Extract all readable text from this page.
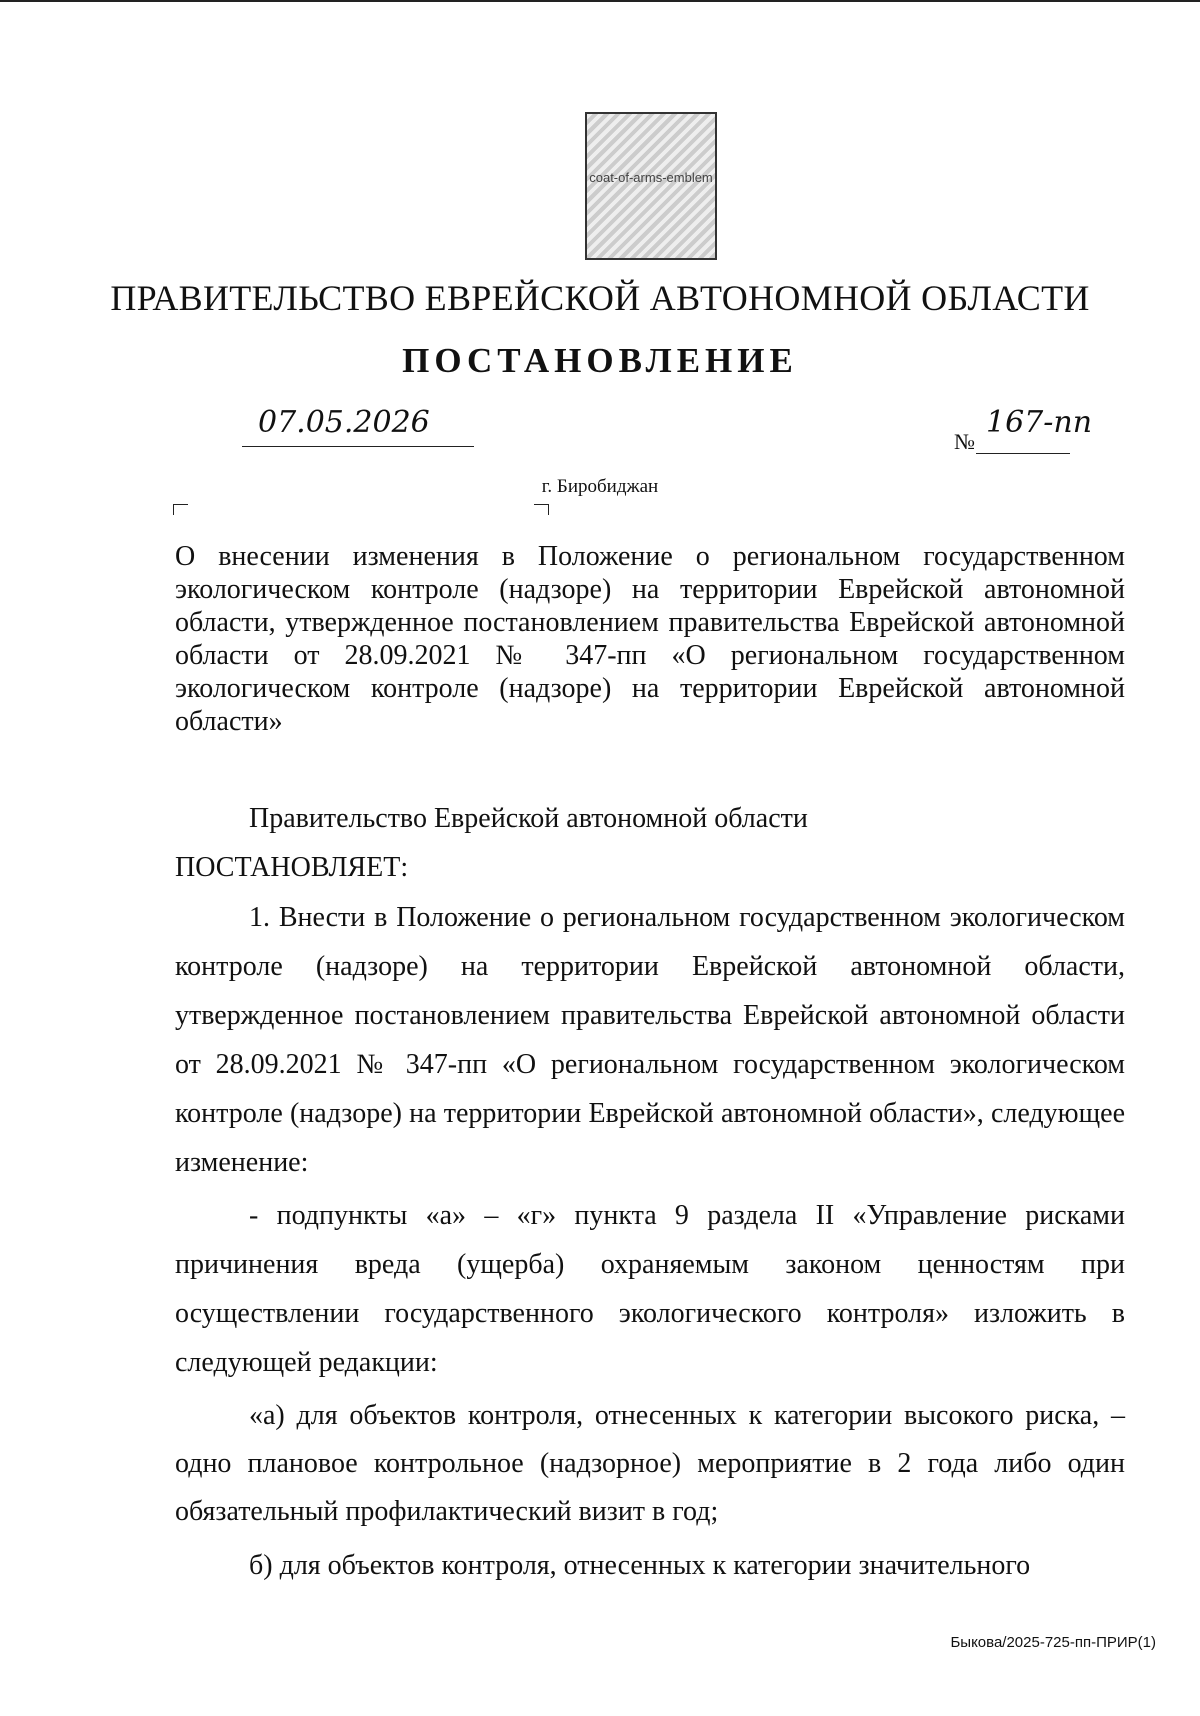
coat-of-arms-emblem
ПРАВИТЕЛЬСТВО ЕВРЕЙСКОЙ АВТОНОМНОЙ ОБЛАСТИ
ПОСТАНОВЛЕНИЕ
07.05.2026
№
167-пп
г. Биробиджан

О внесении изменения в Положение о региональном государственном экологическом контроле (надзоре) на территории Еврейской автономной области, утвержденное постановлением правительства Еврейской автономной области от 28.09.2021 № 347-пп «О региональном государственном экологическом контроле (надзоре) на территории Еврейской автономной области»

Правительство Еврейской автономной области

ПОСТАНОВЛЯЕТ:

1. Внести в Положение о региональном государственном экологическом контроле (надзоре) на территории Еврейской автономной области, утвержденное постановлением правительства Еврейской автономной области от 28.09.2021 № 347-пп «О региональном государственном экологическом контроле (надзоре) на территории Еврейской автономной области», следующее изменение:

- подпункты «а» – «г» пункта 9 раздела II «Управление рисками причинения вреда (ущерба) охраняемым законом ценностям при осуществлении государственного экологического контроля» изложить в следующей редакции:

«а) для объектов контроля, отнесенных к категории высокого риска, – одно плановое контрольное (надзорное) мероприятие в 2 года либо один обязательный профилактический визит в год;

б) для объектов контроля, отнесенных к категории значительного

Быкова/2025-725-пп-ПРИР(1)
